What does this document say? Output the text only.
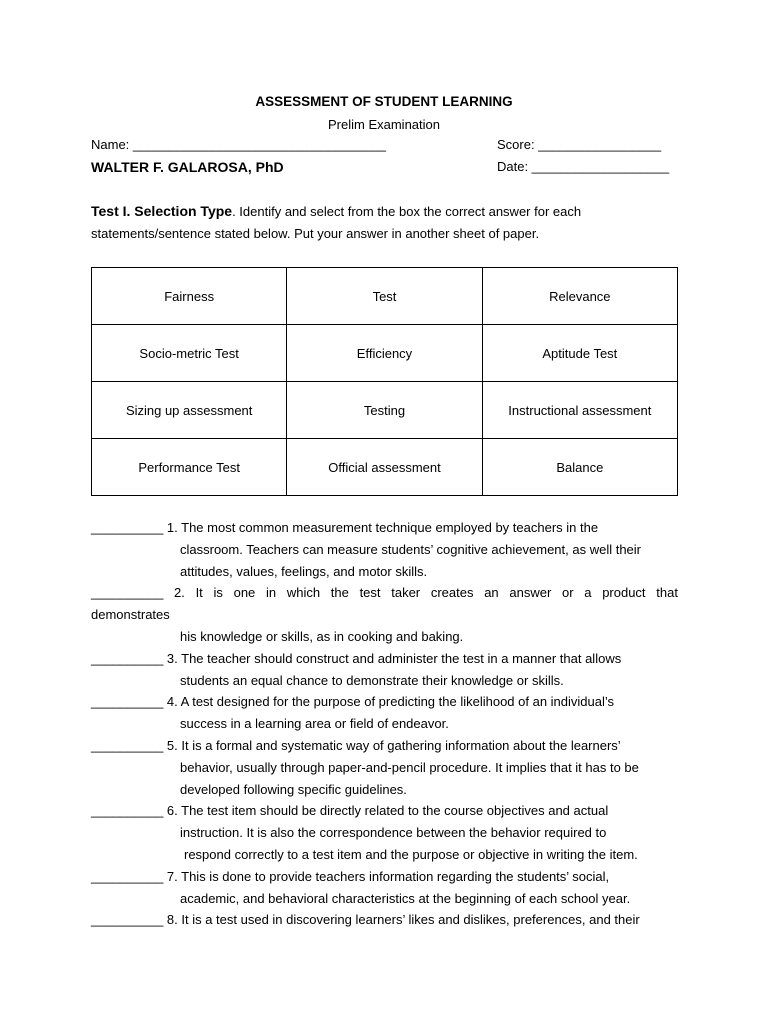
ASSESSMENT OF STUDENT LEARNING
Prelim Examination
Name: ___________________________________	Score: _________________
WALTER F. GALAROSA, PhD	Date: ___________________
Test I. Selection Type. Identify and select from the box the correct answer for each statements/sentence stated below. Put your answer in another sheet of paper.
Fairness	Test	Relevance
Socio-metric Test	Efficiency	Aptitude Test
Sizing up assessment	Testing	Instructional assessment
Performance Test	Official assessment	Balance
__________ 1. The most common measurement technique employed by teachers in the
classroom. Teachers can measure students’ cognitive achievement, as well their
attitudes, values, feelings, and motor skills.
__________ 2. It is one in which the test taker creates an answer or a product that
demonstrates
his knowledge or skills, as in cooking and baking.
__________ 3. The teacher should construct and administer the test in a manner that allows
students an equal chance to demonstrate their knowledge or skills.
__________ 4. A test designed for the purpose of predicting the likelihood of an individual’s
success in a learning area or field of endeavor.
__________ 5. It is a formal and systematic way of gathering information about the learners’
behavior, usually through paper-and-pencil procedure. It implies that it has to be
developed following specific guidelines.
__________ 6. The test item should be directly related to the course objectives and actual
instruction. It is also the correspondence between the behavior required to
respond correctly to a test item and the purpose or objective in writing the item.
__________ 7. This is done to provide teachers information regarding the students’ social,
academic, and behavioral characteristics at the beginning of each school year.
__________ 8. It is a test used in discovering learners’ likes and dislikes, preferences, and their
